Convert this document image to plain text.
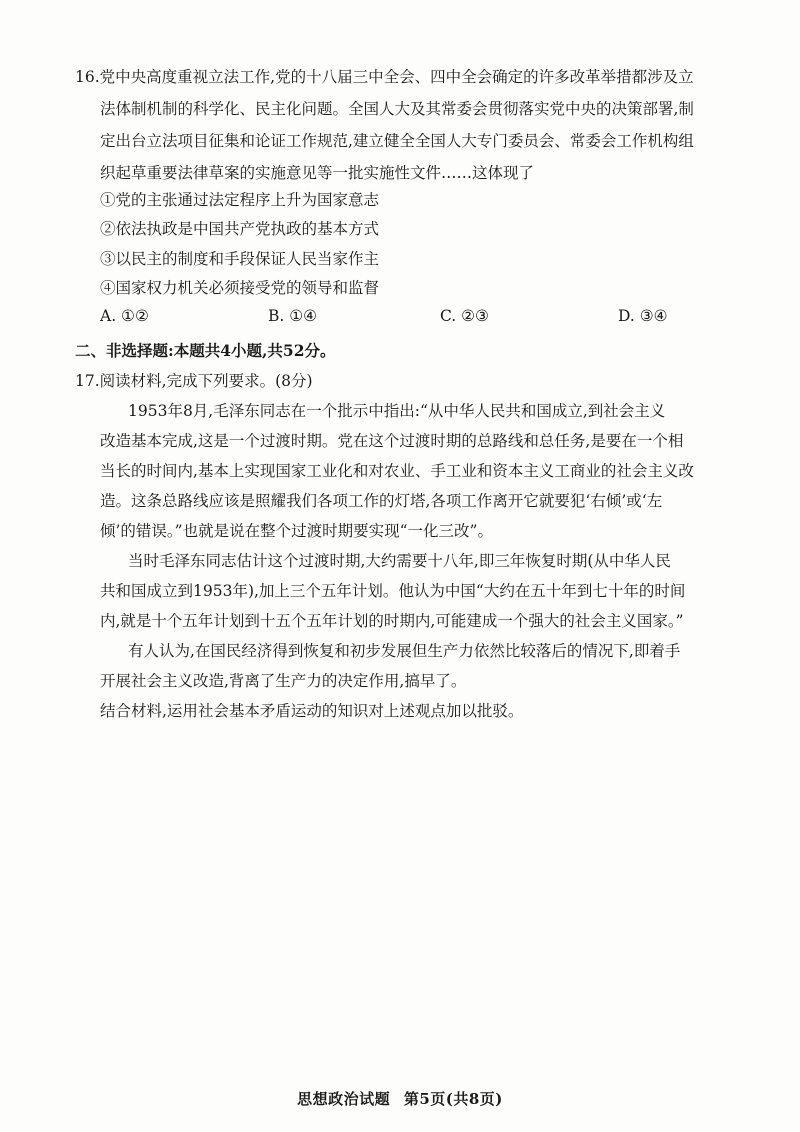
16.党中央高度重视立法工作,党的十八届三中全会、四中全会确定的许多改革举措都涉及立
法体制机制的科学化、民主化问题。全国人大及其常委会贯彻落实党中央的决策部署,制
定出台立法项目征集和论证工作规范,建立健全全国人大专门委员会、常委会工作机构组
织起草重要法律草案的实施意见等一批实施性文件……这体现了
①党的主张通过法定程序上升为国家意志
②依法执政是中国共产党执政的基本方式
③以民主的制度和手段保证人民当家作主
④国家权力机关必须接受党的领导和监督
A. ①②	B. ①④	C. ②③	D. ③④
二、非选择题:本题共4小题,共52分。
17.阅读材料,完成下列要求。(8分)
1953年8月,毛泽东同志在一个批示中指出:“从中华人民共和国成立,到社会主义
改造基本完成,这是一个过渡时期。党在这个过渡时期的总路线和总任务,是要在一个相
当长的时间内,基本上实现国家工业化和对农业、手工业和资本主义工商业的社会主义改
造。这条总路线应该是照耀我们各项工作的灯塔,各项工作离开它就要犯‘右倾’或‘左
倾’的错误。”也就是说在整个过渡时期要实现“一化三改”。
当时毛泽东同志估计这个过渡时期,大约需要十八年,即三年恢复时期(从中华人民
共和国成立到1953年),加上三个五年计划。他认为中国“大约在五十年到七十年的时间
内,就是十个五年计划到十五个五年计划的时期内,可能建成一个强大的社会主义国家。”
有人认为,在国民经济得到恢复和初步发展但生产力依然比较落后的情况下,即着手
开展社会主义改造,背离了生产力的决定作用,搞早了。
结合材料,运用社会基本矛盾运动的知识对上述观点加以批驳。
思想政治试题 第5页(共8页)
